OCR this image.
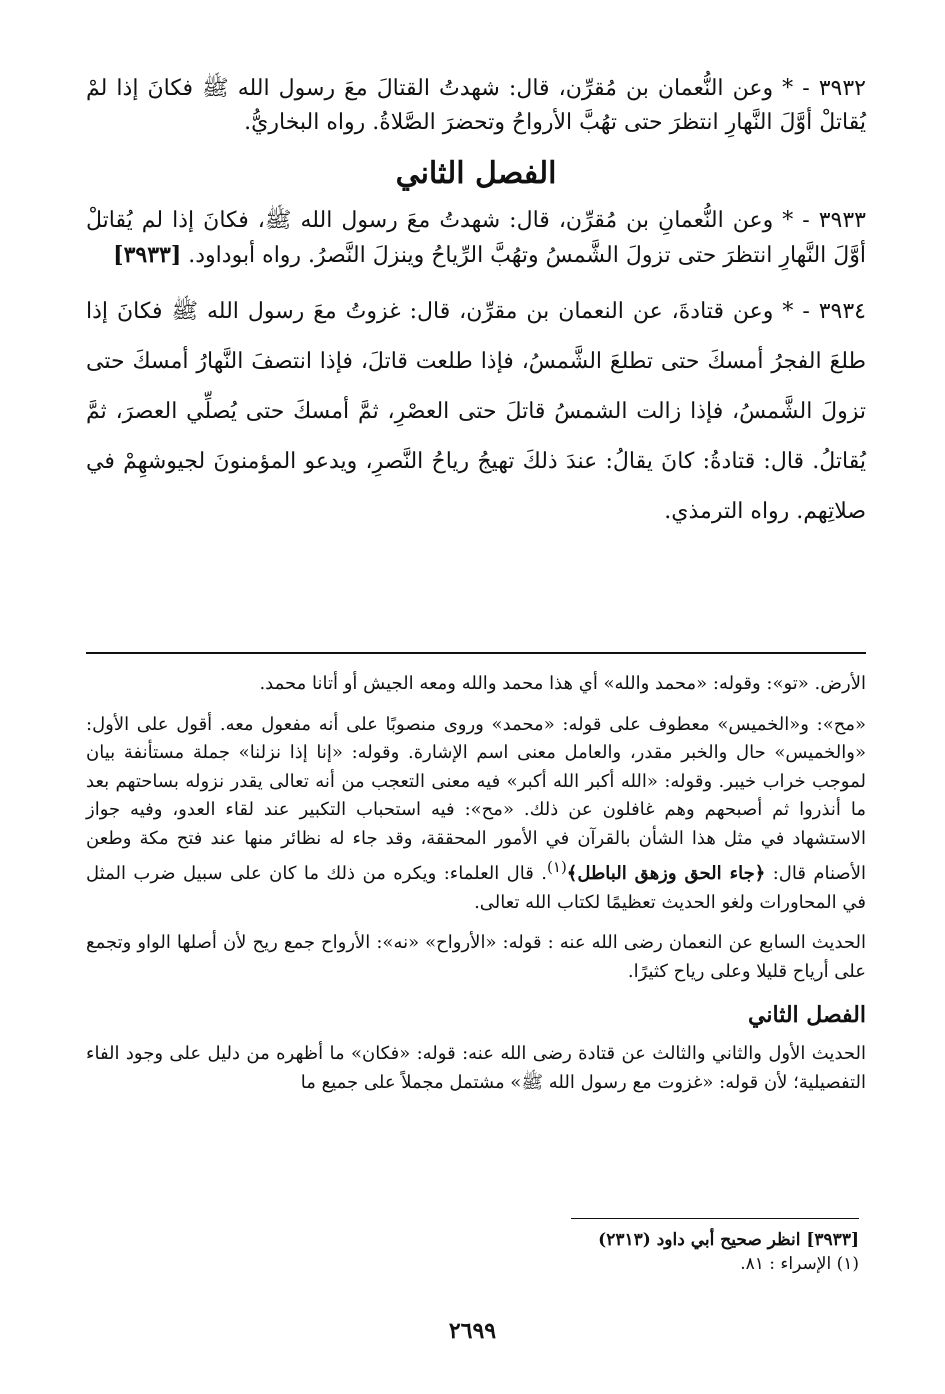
٣٩٣٢ - * وعن النُّعمان بن مُقرِّن، قال: شهدتُ القتالَ معَ رسول الله ﷺ فكانَ إذا لمْ يُقاتلْ أوَّلَ النَّهارِ انتظرَ حتى تهُبَّ الأرواحُ وتحضرَ الصَّلاةُ. رواه البخاريُّ.

الفصل الثاني

٣٩٣٣ - * وعن النُّعمانِ بن مُقرِّن، قال: شهدتُ معَ رسول الله ﷺ، فكانَ إذا لم يُقاتلْ أوَّلَ النَّهارِ انتظرَ حتى تزولَ الشَّمسُ وتهُبَّ الرِّياحُ وينزلَ النَّصرُ. رواه أبوداود. [٣٩٣٣]

٣٩٣٤ - * وعن قتادةَ، عن النعمان بن مقرِّن، قال: غزوتُ معَ رسول الله ﷺ فكانَ إذا طلعَ الفجرُ أمسكَ حتى تطلعَ الشَّمسُ، فإذا طلعت قاتلَ، فإذا انتصفَ النَّهارُ أمسكَ حتى تزولَ الشَّمسُ، فإذا زالت الشمسُ قاتلَ حتى العصْرِ، ثمَّ أمسكَ حتى يُصلِّي العصرَ، ثمَّ يُقاتلُ. قال: قتادةُ: كانَ يقالُ: عندَ ذلكَ تهيجُ رياحُ النَّصرِ، ويدعو المؤمنونَ لجيوشهِمْ في صلاتِهم. رواه الترمذي.

الأرض. «تو»: وقوله: «محمد والله» أي هذا محمد والله ومعه الجيش أو أتانا محمد.

«مح»: و«الخميس» معطوف على قوله: «محمد» وروى منصوبًا على أنه مفعول معه. أقول على الأول: «والخميس» حال والخبر مقدر، والعامل معنى اسم الإشارة. وقوله: «إنا إذا نزلنا» جملة مستأنفة بيان لموجب خراب خيبر. وقوله: «الله أكبر الله أكبر» فيه معنى التعجب من أنه تعالى يقدر نزوله بساحتهم بعد ما أنذروا ثم أصبحهم وهم غافلون عن ذلك. «مح»: فيه استحباب التكبير عند لقاء العدو، وفيه جواز الاستشهاد في مثل هذا الشأن بالقرآن في الأمور المحققة، وقد جاء له نظائر منها عند فتح مكة وطعن الأصنام قال: ﴿جاء الحق وزهق الباطل﴾$^{(١)}$. قال العلماء: ويكره من ذلك ما كان على سبيل ضرب المثل في المحاورات ولغو الحديث تعظيمًا لكتاب الله تعالى.

الحديث السابع عن النعمان رضى الله عنه : قوله: «الأرواح» «نه»: الأرواح جمع ريح لأن أصلها الواو وتجمع على أرياح قليلا وعلى رياح كثيرًا.

الفصل الثاني

الحديث الأول والثاني والثالث عن قتادة رضى الله عنه: قوله: «فكان» ما أظهره من دليل على وجود الفاء التفصيلية؛ لأن قوله: «غزوت مع رسول الله ﷺ» مشتمل مجملاً على جميع ما

[٣٩٣٣] انظر صحيح أبي داود (٢٣١٣)
(١) الإسراء : ٨١.
٢٦٩٩
